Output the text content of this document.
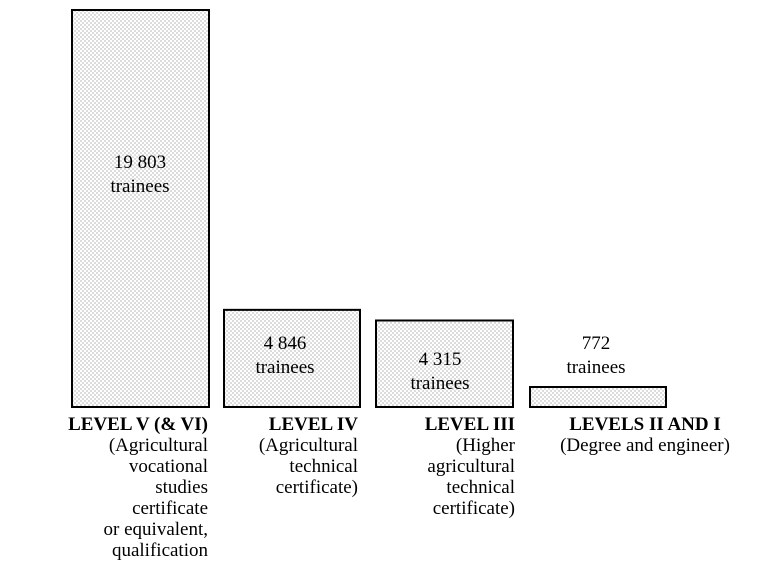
19 803
trainees
4 846
trainees	4 315
trainees
772
trainees
LEVEL V (& VI)
(Agricultural
vocational
studies
certificate
or equivalent,
qualification
LEVEL IV
(Agricultural
technical
certificate)
LEVEL III
(Higher
agricultural
technical
certificate)
LEVELS II AND I
(Degree and engineer)
